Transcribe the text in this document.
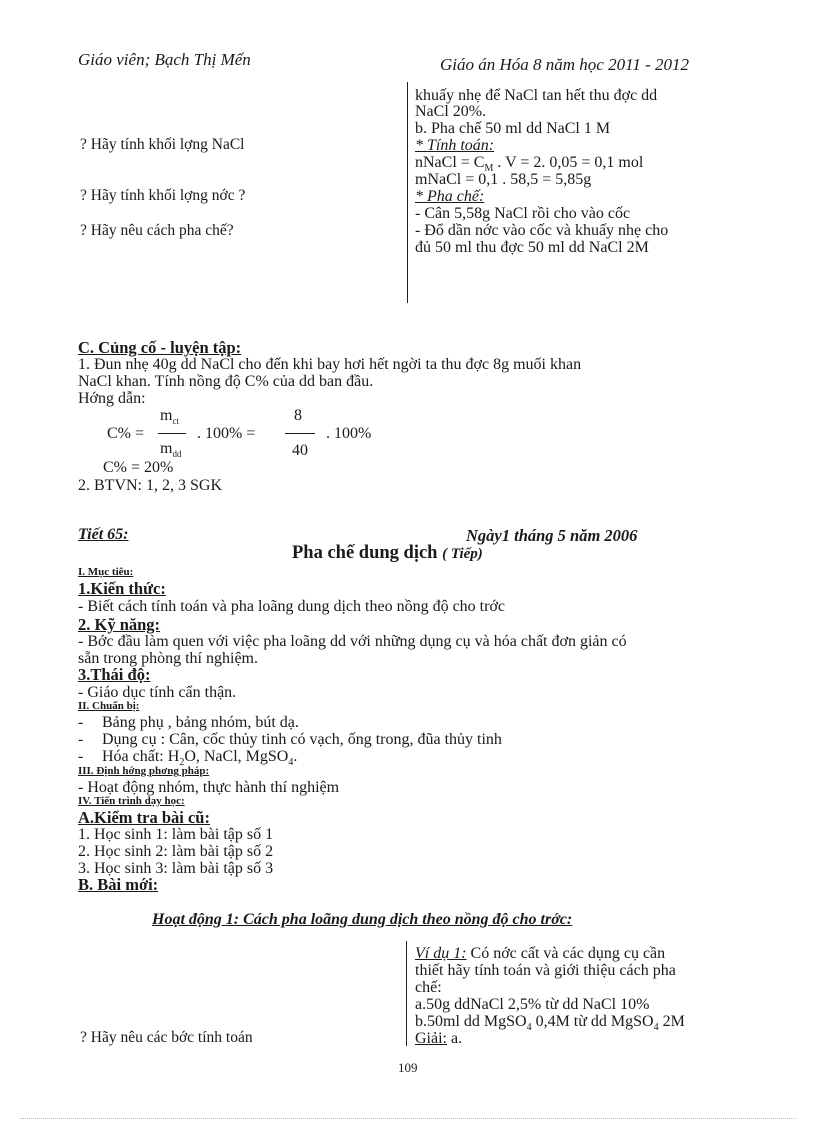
Giáo viên; Bạch Thị Mến	Giáo án Hóa 8 năm học 2011 - 2012
? Hãy tính khối lợng NaCl
? Hãy tính khối lợng nớc ?
? Hãy nêu cách pha chế?
khuấy nhẹ để NaCl tan hết thu đợc dd
NaCl 20%.
b. Pha chế 50 ml dd NaCl 1 M
* Tính toán:
nNaCl = $C_M$ . V = 2. 0,05 = 0,1 mol
mNaCl = 0,1 . 58,5 = 5,85g
* Pha chế:
- Cân 5,58g NaCl rồi cho vào cốc
- Đổ dần nớc vào cốc và khuấy nhẹ cho
đủ 50 ml thu đợc 50 ml dd NaCl 2M
C. Củng cố - luyện tập:
1. Đun nhẹ 40g dd NaCl cho đến khi bay hơi hết ngời ta thu đợc 8g muối khan
NaCl khan. Tính nồng độ C% của dd ban đầu.
Hớng dẫn:
C% =
$m_{ct}$
$m_{dd}$
. 100% =
8
40
. 100%
C% = 20%
2. BTVN: 1, 2, 3 SGK
Tiết 65:	Ngày1 tháng 5 năm 2006
Pha chế dung dịch ( Tiếp)
I. Mục tiêu:
1.Kiến thức:
- Biết cách tính toán và pha loãng dung dịch theo nồng độ cho trớc
2. Kỹ năng:
- Bớc đầu làm quen với việc pha loãng dd với những dụng cụ và hóa chất đơn giản có
sẵn trong phòng thí nghiệm.
3.Thái độ:
- Giáo dục tính cẩn thận.
II. Chuẩn bị:
- Bảng phụ , bảng nhóm, bút dạ.
- Dụng cụ : Cân, cốc thủy tinh có vạch, ống trong, đũa thủy tinh
- Hóa chất: $H_2O$, NaCl, MgSO$_4$.
III. Định hớng phơng pháp:
- Hoạt động nhóm, thực hành thí nghiệm
IV. Tiến trình dạy học:
A.Kiểm tra bài cũ:
1. Học sinh 1: làm bài tập số 1
2. Học sinh 2: làm bài tập số 2
3. Học sinh 3: làm bài tập số 3
B. Bài mới:
Hoạt động 1: Cách pha loãng dung dịch theo nồng độ cho trớc:
? Hãy nêu các bớc tính toán
Ví dụ 1: Có nớc cất và các dụng cụ cần
thiết hãy tính toán và giới thiệu cách pha
chế:
a.50g ddNaCl 2,5% từ dd NaCl 10%
b.50ml dd MgSO$_4$ 0,4M từ dd MgSO$_4$ 2M
Giải: a.
109
